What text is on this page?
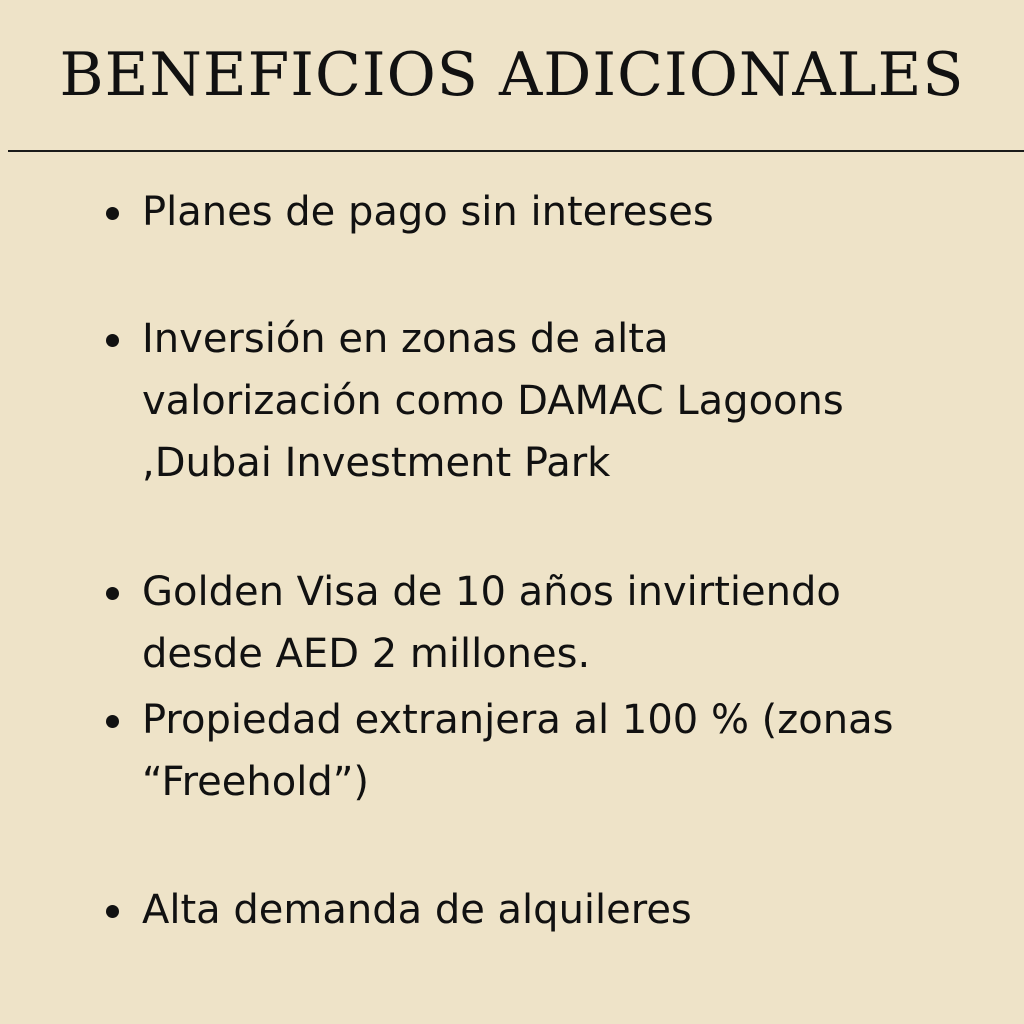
BENEFICIOS ADICIONALES
Planes de pago sin intereses
Inversión en zonas de alta
valorización como DAMAC Lagoons
,Dubai Investment Park
Golden Visa de 10 años invirtiendo
desde AED 2 millones.
Propiedad extranjera al 100 % (zonas
“Freehold”)
Alta demanda de alquileres
